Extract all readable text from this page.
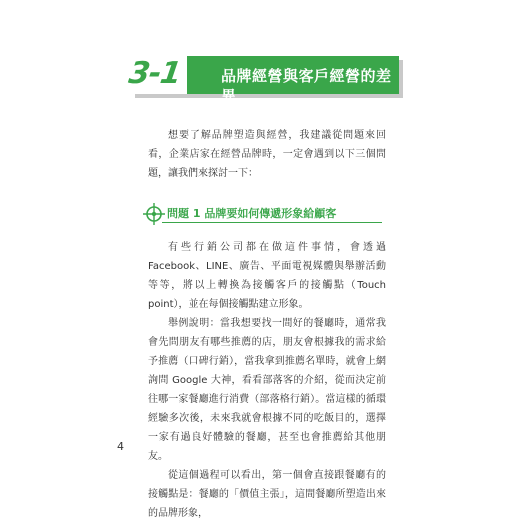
品牌經營與客戶經營的差異
3-1

想要了解品牌塑造與經營，我建議從問題來回看，企業店家在經營品牌時，一定會遇到以下三個問題，讓我們來探討一下：

問題 1 品牌要如何傳遞形象給顧客

有些行銷公司都在做這件事情，會透過 Facebook、LINE、廣告、平面電視媒體與舉辦活動等等，將以上轉換為接觸客戶的接觸點（Touch point），並在每個接觸點建立形象。

舉例說明：當我想要找一間好的餐廳時，通常我會先問朋友有哪些推薦的店，朋友會根據我的需求給予推薦（口碑行銷），當我拿到推薦名單時，就會上網詢問 Google 大神，看看部落客的介紹，從而決定前往哪一家餐廳進行消費（部落格行銷）。當這樣的循環經驗多次後，未來我就會根據不同的吃飯目的，選擇一家有過良好體驗的餐廳，甚至也會推薦給其他朋友。

從這個過程可以看出，第一個會直接跟餐廳有的接觸點是：餐廳的「價值主張」，這間餐廳所塑造出來的品牌形象，

4
